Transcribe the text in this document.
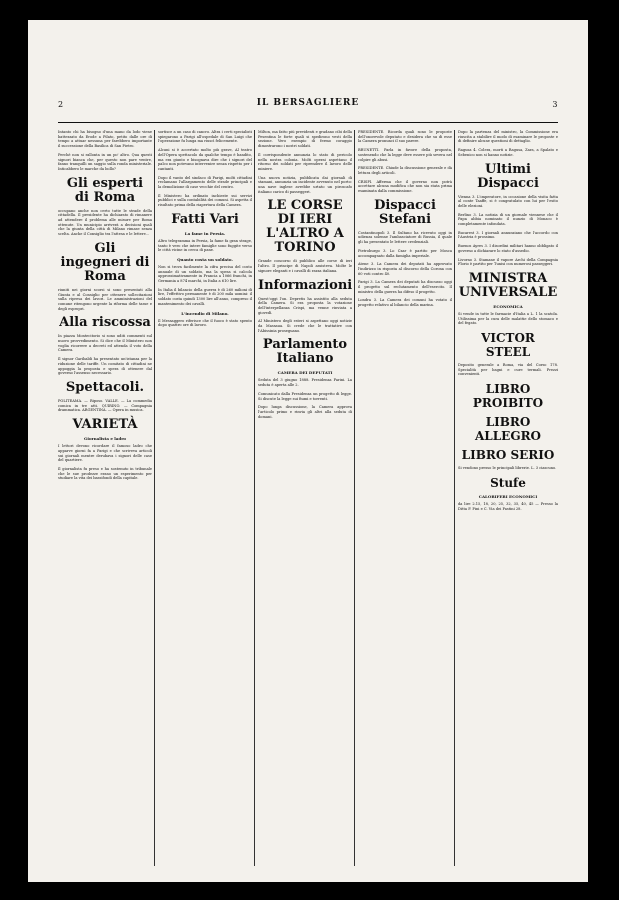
2	IL BERSAGLIERE	3

Intanto chi ha bisogno d'una mano da lodo viene battezzato da Erode a Pilato, petito dalle ore di tempo a attuar nessuna per farebbero importante il successione della Basilica di San Pietro.

Perchè non si rallonta in un po' altro. Qua questi signori bianca che, per questo non pare ventre, fanno tranquilli un saggio sulla ronda ministeriale. Inticabbero le marche da bollo?

Gli esperti di Roma

occupano anche non certo tutte le strade della cittadella. Il presidente ha dichiarato di rimanere ad attendere il problema alle misure per Roma ottenute. Un municipio arriverà a decisioni quali che la giunta della città di Milano rimase senza scelta. Anche il Consiglio tra l'attesa e le lettere...

Gli ingegneri di Roma

riuniti nei giorni scorsi si sono presentati alla Giunta e al Consiglio per ottenere sollecitazioni sulla ripresa dei lavori. Le amministrazioni del comune ritengono urgente la riforma delle tasse e degli espropri.

Alla riscossa

In piazza Montecitorio si sono uditi commenti sul nuovo provvedimento. Si dice che il Ministero non voglia ricorrere a decreti ed attenda il voto della Camera.

Il signor Garibaldi ha presentato un'istanza per la riduzione delle tariffe. Un comitato di cittadini ne appoggia la proposta e spera di ottenere dal governo l'assenso necessario.

Spettacoli.

POLITEAMA. — Riposo. VALLE. — La commedia comica in tre atti. QUIRINO. — Compagnia drammatica. ARGENTINA. — Opera in musica.

VARIETÀ
Giornalista e ladro

I lettori devono ricordare il famoso ladro che apparve giorni fa a Parigi e che scriveva articoli sui giornali mentre derubava i signori delle case del quartiere.

Il giornalista fu preso e ha sostenuto in tribunale che le sue prodezze erano un esperimento per studiare la vita dei bassifondi della capitale.

sortisce a un caso di cancro. Altra i certi specialisti spiegarono a Parigi all'ospedale di San Luigi che l'operazione fu lunga ma riuscì felicemente.

Alcuni si è accertato molto più grave, Al teatro dell'Opera spettacolo da qualche tempo è bandito, ma era giunto e bisognava dire che i signori del palco non potevano intervenire senza rispetto per i cantanti.

Dopo il vanto del sindaco di Parigi, molti cittadini reclamano l'allargamento delle strade principali e la demolizione di case vecchie del centro.

Il Ministero ha ordinato inchieste sui servizi pubblici e sulla contabilità dei comuni. Si aspetta il risultato prima della riapertura della Camera.

Fatti Vari
La fame in Persia.

Altro telegramma in Persia, la fame fa gran strage, tanto è vero che intere famiglie sono fuggite verso le città vicine in cerca di pane.

Quanto costa un soldato.

Non si trova facilmente la cifra precisa del costo annuale di un soldato, ma la spesa si calcola approssimativamente in Francia a 1066 franchi, in Germania a 874 marchi, in Italia a 610 lire.

In Italia il bilancio della guerra è di 260 milioni di lire, l'effettivo permanente è di 200 mila uomini: il soldato costa quindi 1300 lire all'anno, compreso il mantenimento dei cavalli.

L'incendio di Milano.

Il Messaggero riferisce che il fuoco è stato spento dopo quattro ore di lavoro.

Milton, ma fatto più previdenti e gradano cibi della Pesentina le forte quali si spedirono vesti della sezione. Vero esempio di fermo coraggio dimostrarono i nostri soldati.

Il corrispondente annunzia lo stato di pericolo nella nostra colonia. Molti operai aspettano il ritorno dei soldati per riprendere il lavoro delle miniere.

Una nuova notizia, pubblicata dai giornali di stamani, annunzia un incidente avvenuto nel porto: una nave inglese avrebbe urtato un piroscafo italiano carico di passeggeri.

LE CORSE DI IERI L'ALTRO A TORINO

Grande concorso di pubblico alle corse di ieri l'altro. Il principe di Napoli assisteva. Molte le signore eleganti e i cavalli di razza italiana.

Informazioni

Quest'oggi l'on. Depretis ha assistito alla seduta della Camera. Si era proposta la votazione dell'interpellanza Crispi, ma venne rinviata a giovedì.

Al Ministero degli esteri si aspettano oggi notizie da Massaua. Si crede che le trattative con l'Abissinia proseguano.

Parlamento Italiano
CAMERA DEI DEPUTATI

Seduta del 3 giugno 1888. Presidenza Farini. La seduta è aperta alle 2.

Comunicato dalla Presidenza un progetto di legge. Si discute la legge sui fiumi e torrenti.

Dopo lunga discussione, la Camera approva l'articolo primo e rinvia gli altri alla seduta di domani.

PRESIDENTE. Ricorda quali sono le proposte dell'onorevole deputato e desidera che su di esse la Camera pronunci il suo parere.

BRUNETTI. Parla in favore della proposta, sostenendo che la legge deve essere più severa nel colpire gli abusi.

PRESIDENTE. Chiude la discussione generale e dà lettura degli articoli.

CRISPI. Afferma che il governo non potrà accettare alcuna modifica che non sia stata prima esaminata dalla commissione.

Dispacci Stefani

Costantinopoli 3. Il Sultano ha ricevuto oggi in udienza solenne l'ambasciatore di Russia, il quale gli ha presentato le lettere credenziali.

Pietroburgo 3. Lo Czar è partito per Mosca accompagnato dalla famiglia imperiale.

Atene 3. La Camera dei deputati ha approvato l'indirizzo in risposta al discorso della Corona con 60 voti contro 40.

Parigi 3. La Camera dei deputati ha discusso oggi il progetto sul reclutamento dell'esercito. Il ministro della guerra ha difeso il progetto.

Londra 3. La Camera dei comuni ha votato il progetto relativo al bilancio della marina.

Dopo la partenza del ministro, la Commissione era riuscita a stabilire il modo di esaminare le proposte e di definire alcune questioni di dettaglio.

Ragusa 4. Colera, morti a Ragusa, Zara, a Spalato e Sebenico non si hanno notizie.

Ultimi Dispacci

Vienna 3. L'imperatore, in occasione della visita fatta al conte Taaffe, si è congratulato con lui per l'esito delle elezioni.

Berlino 3. La notizia di un giornale viennese che il Papa abbia nominato il nunzio di Monaco è completamente infondata.

Bucarest 3. I giornali annunziano che l'accordo con l'Austria è prossimo.

Buenos Ayres 3. I disordini militari hanno obbligato il governo a dichiarare lo stato d'assedio.

Livorno 3. Stamane il vapore Archi della Compagnia Florio è partito per Tunisi con numerosi passeggeri.

MINISTRA UNIVERSALE
ECONOMICA

Si vende in tutte le farmacie d'Italia a L. 1 la scatola. Utilissima per la cura delle malattie dello stomaco e del fegato.

VICTOR STEEL

Deposito generale a Roma, via del Corso 178. Specialità per bagni e cure termali. Prezzi convenienti.

LIBRO PROIBITO
LIBRO ALLEGRO
LIBRO SERIO

Si vendono presso le principali librerie. L. 3 ciascuno.

Stufe
CALORIFERI ECONOMICI

da lire 2.15, 18, 20, 25, 32, 35, 40, 45 — Presso la Ditta F. Pini e C. Via dei Pastini 28.
